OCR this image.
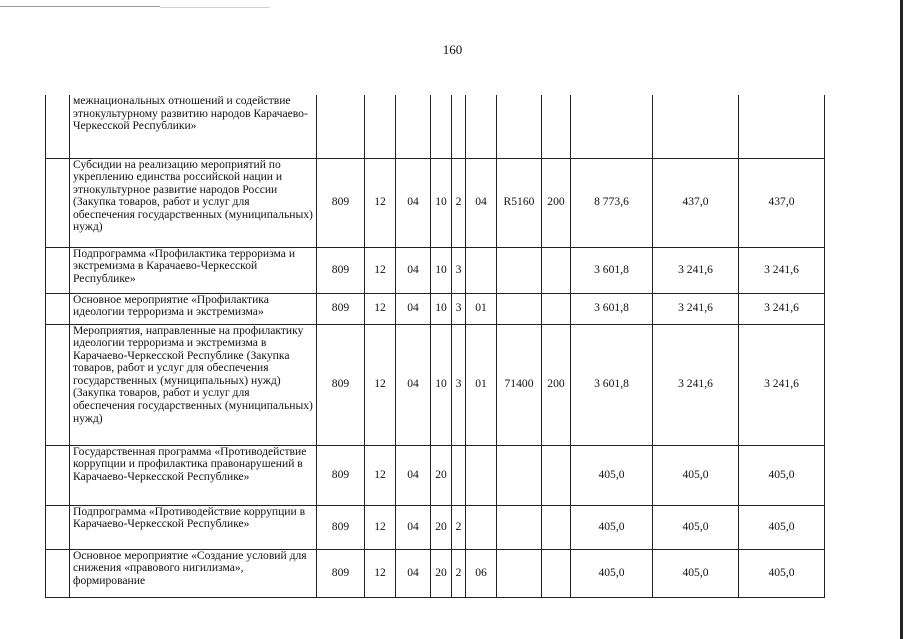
160
	межнациональных отношений и содействие этнокультурному развитию народов Карачаево-Черкесской Республики»											
	Субсидии на реализацию мероприятий по укреплению единства российской нации и этнокультурное развитие народов России (Закупка товаров, работ и услуг для обеспечения государственных (муниципальных) нужд)	809	12	04	10	2	04	R5160	200	8 773,6	437,0	437,0
	Подпрограмма «Профилактика терроризма и экстремизма в Карачаево-Черкесской Республике»	809	12	04	10	3				3 601,8	3 241,6	3 241,6
	Основное мероприятие «Профилактика идеологии терроризма и экстремизма»	809	12	04	10	3	01			3 601,8	3 241,6	3 241,6
	Мероприятия, направленные на профилактику идеологии терроризма и экстремизма в Карачаево-Черкесской Республике (Закупка товаров, работ и услуг для обеспечения государственных (муниципальных) нужд) (Закупка товаров, работ и услуг для обеспечения государственных (муниципальных) нужд)	809	12	04	10	3	01	71400	200	3 601,8	3 241,6	3 241,6
	Государственная программа «Противодействие коррупции и профилактика правонарушений в Карачаево-Черкесской Республике»	809	12	04	20					405,0	405,0	405,0
	Подпрограмма «Противодействие коррупции в Карачаево-Черкесской Республике»	809	12	04	20	2				405,0	405,0	405,0
	Основное мероприятие «Создание условий для снижения «правового нигилизма», формирование	809	12	04	20	2	06			405,0	405,0	405,0
